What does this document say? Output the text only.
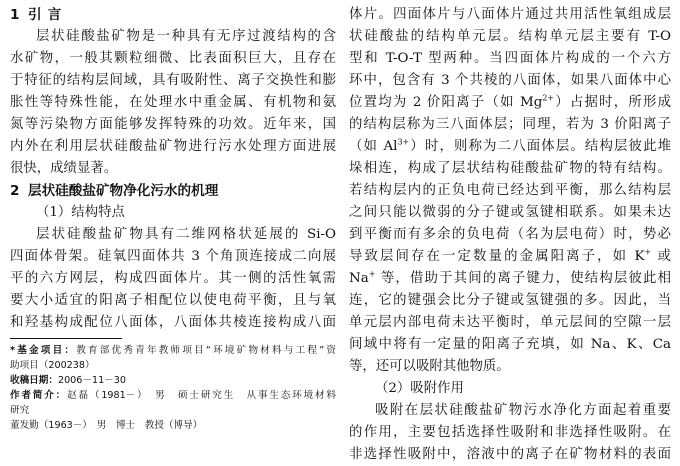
1 引 言
层状硅酸盐矿物是一种具有无序过渡结构的含
水矿物，一般其颗粒细微、比表面积巨大，且存在
于特征的结构层间域，具有吸附性、离子交换性和膨
胀性等特殊性能，在处理水中重金属、有机物和氨
氮等污染物方面能够发挥特殊的功效。近年来，国
内外在利用层状硅酸盐矿物进行污水处理方面进展
很快，成绩显著。
2 层状硅酸盐矿物净化污水的机理
（1）结构特点
层状硅酸盐矿物具有二维网格状延展的 Si-O
四面体骨架。硅氧四面体共 3 个角顶连接成二向展
平的六方网层，构成四面体片。其一侧的活性氧需
要大小适宜的阳离子相配位以使电荷平衡，且与氧
和羟基构成配位八面体，八面体共棱连接构成八面
*基金项目：教育部优秀青年教师项目“环境矿物材料与工程”资
助项目（200238）
收稿日期：2006－11－30
作者简介：赵磊（1981－）　男　硕士研究生　从事生态环境材料
研究
董发勤（1963－）　男　博士　教授（博导）
体片。四面体片与八面体片通过共用活性氧组成层
状硅酸盐的结构单元层。结构单元层主要有 T-O
型和 T-O-T 型两种。当四面体片构成的一个六方
环中，包含有 3 个共棱的八面体，如果八面体中心
位置均为 2 价阳离子（如 $Mg^{2+}$）占据时，所形成
的结构层称为三八面体层；同理，若为 3 价阳离子
（如 $Al^{3+}$）时，则称为二八面体层。结构层彼此堆
垛相连，构成了层状结构硅酸盐矿物的特有结构。
若结构层内的正负电荷已经达到平衡，那么结构层
之间只能以微弱的分子键或氢键相联系。如果未达
到平衡而有多余的负电荷（名为层电荷）时，势必
导致层间存在一定数量的金属阳离子，如 K+ 或
Na+ 等，借助于其间的离子键力，使结构层彼此相
连，它的键强会比分子键或氢键强的多。因此，当
单元层内部电荷未达平衡时，单元层间的空隙一层
间域中将有一定量的阳离子充填，如 Na、K、Ca
等，还可以吸附其他物质。
（2）吸附作用
吸附在层状硅酸盐矿物污水净化方面起着重要
的作用，主要包括选择性吸附和非选择性吸附。在
非选择性吸附中，溶液中的离子在矿物材料的表面
